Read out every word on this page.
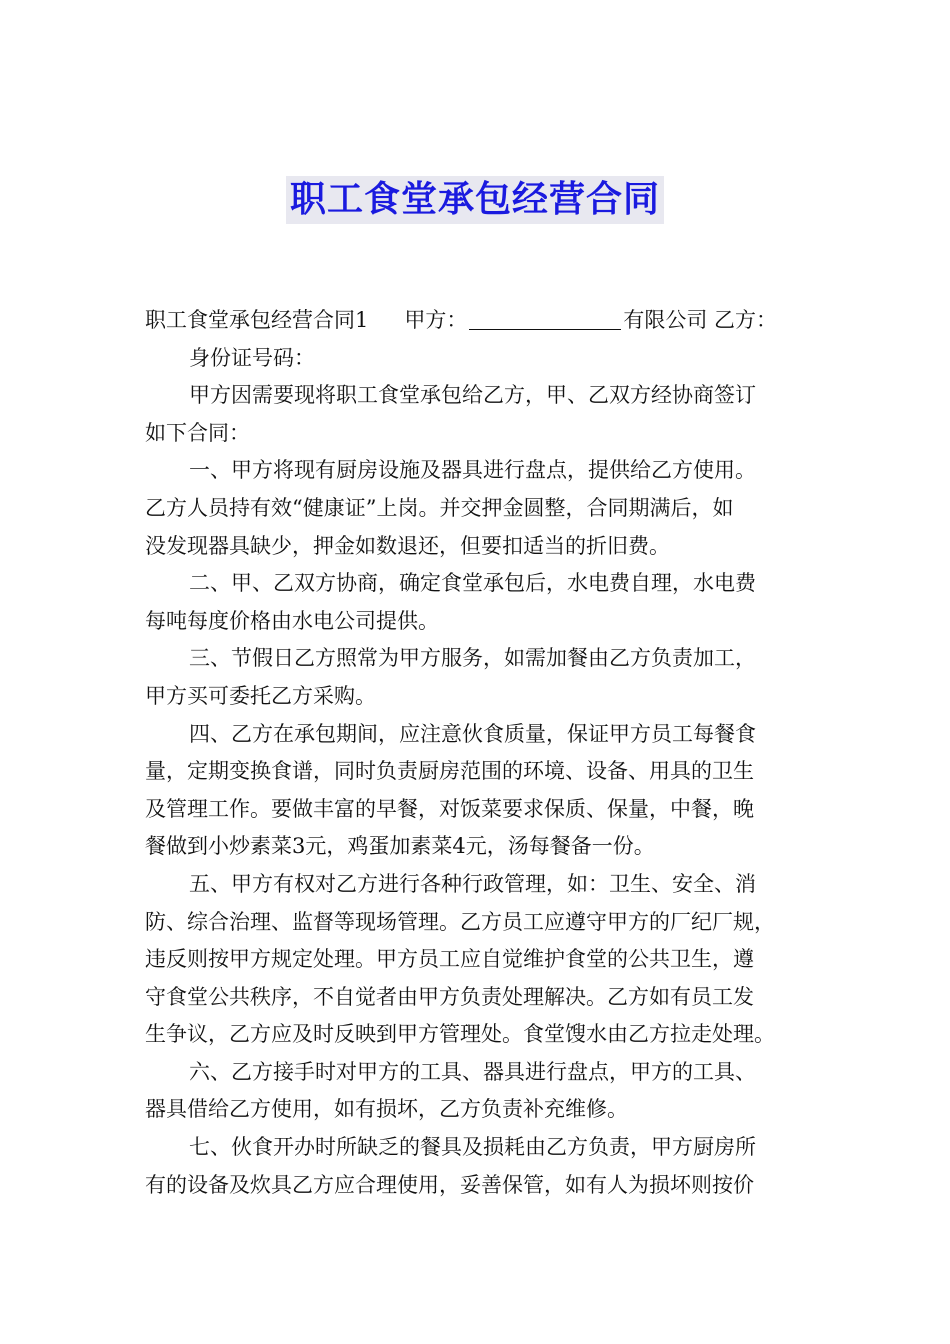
职工食堂承包经营合同
职工食堂承包经营合同1 甲方：	有限公司 乙方：
身份证号码：
甲方因需要现将职工食堂承包给乙方，甲、乙双方经协商签订
如下合同：
一、甲方将现有厨房设施及器具进行盘点，提供给乙方使用。
乙方人员持有效“健康证”上岗。并交押金圆整，合同期满后，如
没发现器具缺少，押金如数退还，但要扣适当的折旧费。
二、甲、乙双方协商，确定食堂承包后，水电费自理，水电费
每吨每度价格由水电公司提供。
三、节假日乙方照常为甲方服务，如需加餐由乙方负责加工，
甲方买可委托乙方采购。
四、乙方在承包期间，应注意伙食质量，保证甲方员工每餐食
量，定期变换食谱，同时负责厨房范围的环境、设备、用具的卫生
及管理工作。要做丰富的早餐，对饭菜要求保质、保量，中餐，晚
餐做到小炒素菜3元，鸡蛋加素菜4元，汤每餐备一份。
五、甲方有权对乙方进行各种行政管理，如：卫生、安全、消
防、综合治理、监督等现场管理。乙方员工应遵守甲方的厂纪厂规，
违反则按甲方规定处理。甲方员工应自觉维护食堂的公共卫生，遵
守食堂公共秩序，不自觉者由甲方负责处理解决。乙方如有员工发
生争议，乙方应及时反映到甲方管理处。食堂馊水由乙方拉走处理。
六、乙方接手时对甲方的工具、器具进行盘点，甲方的工具、
器具借给乙方使用，如有损坏，乙方负责补充维修。
七、伙食开办时所缺乏的餐具及损耗由乙方负责，甲方厨房所
有的设备及炊具乙方应合理使用，妥善保管，如有人为损坏则按价
